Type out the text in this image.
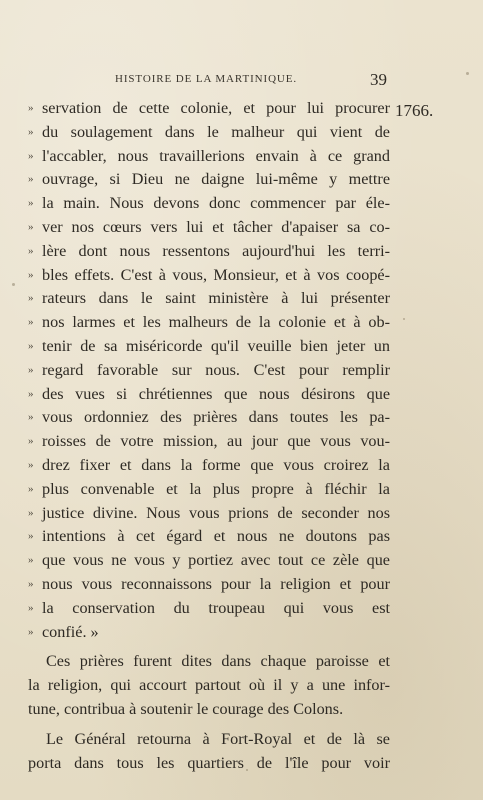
HISTOIRE DE LA MARTINIQUE.	39
1766.
» servation de cette colonie, et pour lui procurer
» du soulagement dans le malheur qui vient de
» l'accabler, nous travaillerions envain à ce grand
» ouvrage, si Dieu ne daigne lui-même y mettre
» la main. Nous devons donc commencer par éle-
» ver nos cœurs vers lui et tâcher d'apaiser sa co-
» lère dont nous ressentons aujourd'hui les terri-
» bles effets. C'est à vous, Monsieur, et à vos coopé-
» rateurs dans le saint ministère à lui présenter
» nos larmes et les malheurs de la colonie et à ob-
» tenir de sa miséricorde qu'il veuille bien jeter un
» regard favorable sur nous. C'est pour remplir
» des vues si chrétiennes que nous désirons que
» vous ordonniez des prières dans toutes les pa-
» roisses de votre mission, au jour que vous vou-
» drez fixer et dans la forme que vous croirez la
» plus convenable et la plus propre à fléchir la
» justice divine. Nous vous prions de seconder nos
» intentions à cet égard et nous ne doutons pas
» que vous ne vous y portiez avec tout ce zèle que
» nous vous reconnaissons pour la religion et pour
» la conservation du troupeau qui vous est
» confié. »
Ces prières furent dites dans chaque paroisse et
la religion, qui accourt partout où il y a une infor-
tune, contribua à soutenir le courage des Colons.
Le Général retourna à Fort-Royal et de là se
porta dans tous les quartiers de l'île pour voir
